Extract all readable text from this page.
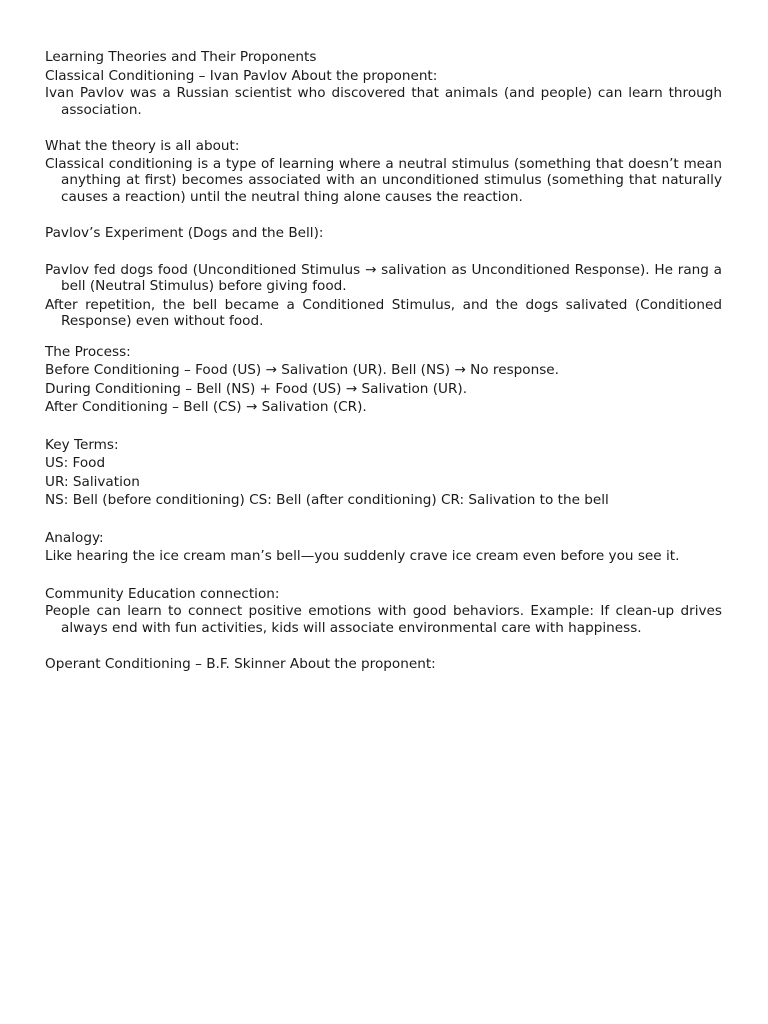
Learning Theories and Their Proponents

Classical Conditioning – Ivan Pavlov About the proponent:

Ivan Pavlov was a Russian scientist who discovered that animals (and people) can learn through association.

What the theory is all about:

Classical conditioning is a type of learning where a neutral stimulus (something that doesn’t mean anything at first) becomes associated with an unconditioned stimulus (something that naturally causes a reaction) until the neutral thing alone causes the reaction.

Pavlov’s Experiment (Dogs and the Bell):

Pavlov fed dogs food (Unconditioned Stimulus → salivation as Unconditioned Response). He rang a bell (Neutral Stimulus) before giving food.

After repetition, the bell became a Conditioned Stimulus, and the dogs salivated (Conditioned Response) even without food.

The Process:

Before Conditioning – Food (US) → Salivation (UR). Bell (NS) → No response.

During Conditioning – Bell (NS) + Food (US) → Salivation (UR).

After Conditioning – Bell (CS) → Salivation (CR).

Key Terms:

US: Food

UR: Salivation

NS: Bell (before conditioning) CS: Bell (after conditioning) CR: Salivation to the bell

Analogy:

Like hearing the ice cream man’s bell—you suddenly crave ice cream even before you see it.

Community Education connection:

People can learn to connect positive emotions with good behaviors. Example: If clean-up drives always end with fun activities, kids will associate environmental care with happiness.

Operant Conditioning – B.F. Skinner About the proponent:
